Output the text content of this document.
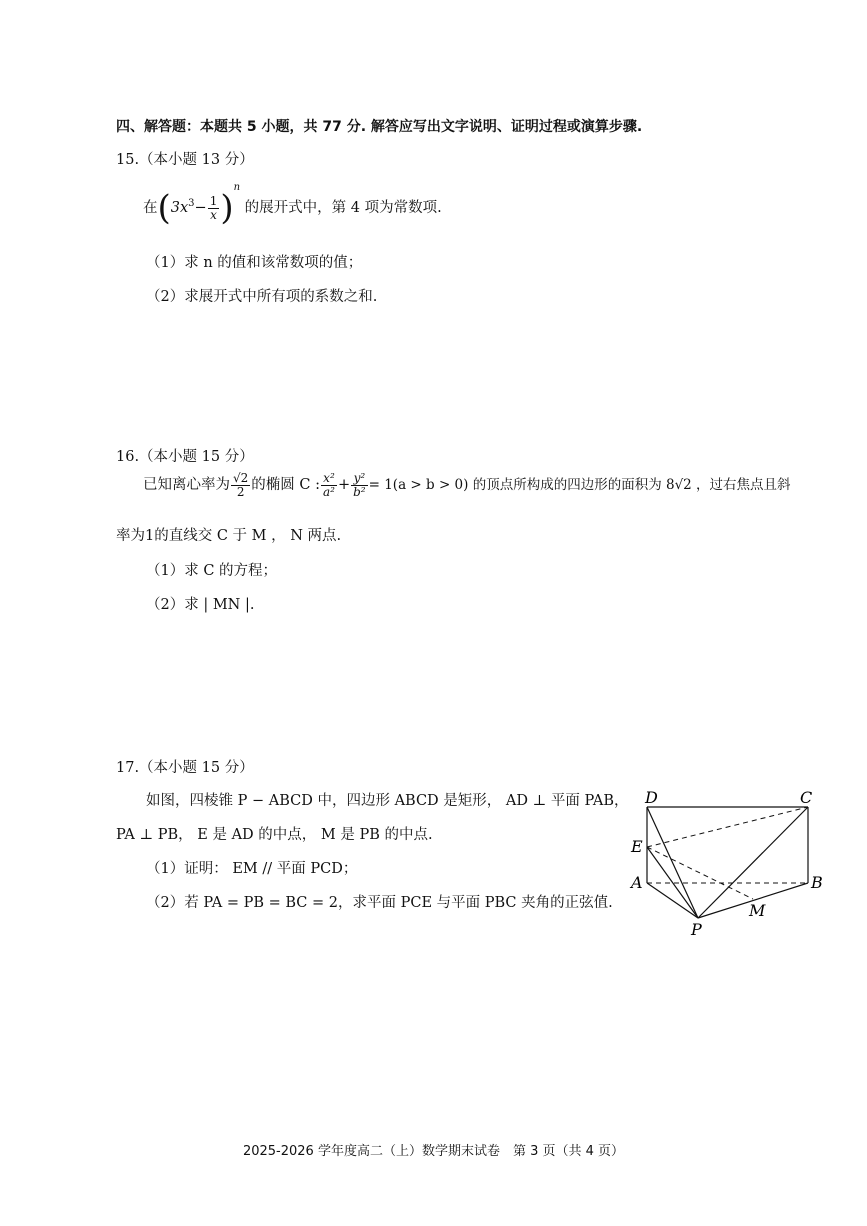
四、解答题：本题共 5 小题，共 77 分. 解答应写出文字说明、证明过程或演算步骤.
15.（本小题 13 分）
在$(3x^3- \frac{1}{x} )^n$ 的展开式中，第 4 项为常数项.
（1）求 n 的值和该常数项的值；
（2）求展开式中所有项的系数之和.
16.（本小题 15 分）
已知离心率为 $\frac{√2}{2}$ 的椭圆 C : $\frac{\text{x²}}{\text{a²}} + \frac{\text{y²}}{\text{b²}} = 1(a > b > 0)$ 的顶点所构成的四边形的面积为 8√2 ，过右焦点且斜
率为1的直线交 C 于 M ， N 两点.
（1）求 C 的方程；
（2）求 | MN |.
17.（本小题 15 分）
如图，四棱锥 P − ABCD 中，四边形 ABCD 是矩形， AD ⊥ 平面 PAB，
PA ⊥ PB， E 是 AD 的中点， M 是 PB 的中点.
（1）证明： EM // 平面 PCD；
（2）若 PA = PB = BC = 2，求平面 PCE 与平面 PBC 夹角的正弦值.
D	C
E
A	B
M
P
2025-2026 学年度高二（上）数学期末试卷　第 3 页（共 4 页）
